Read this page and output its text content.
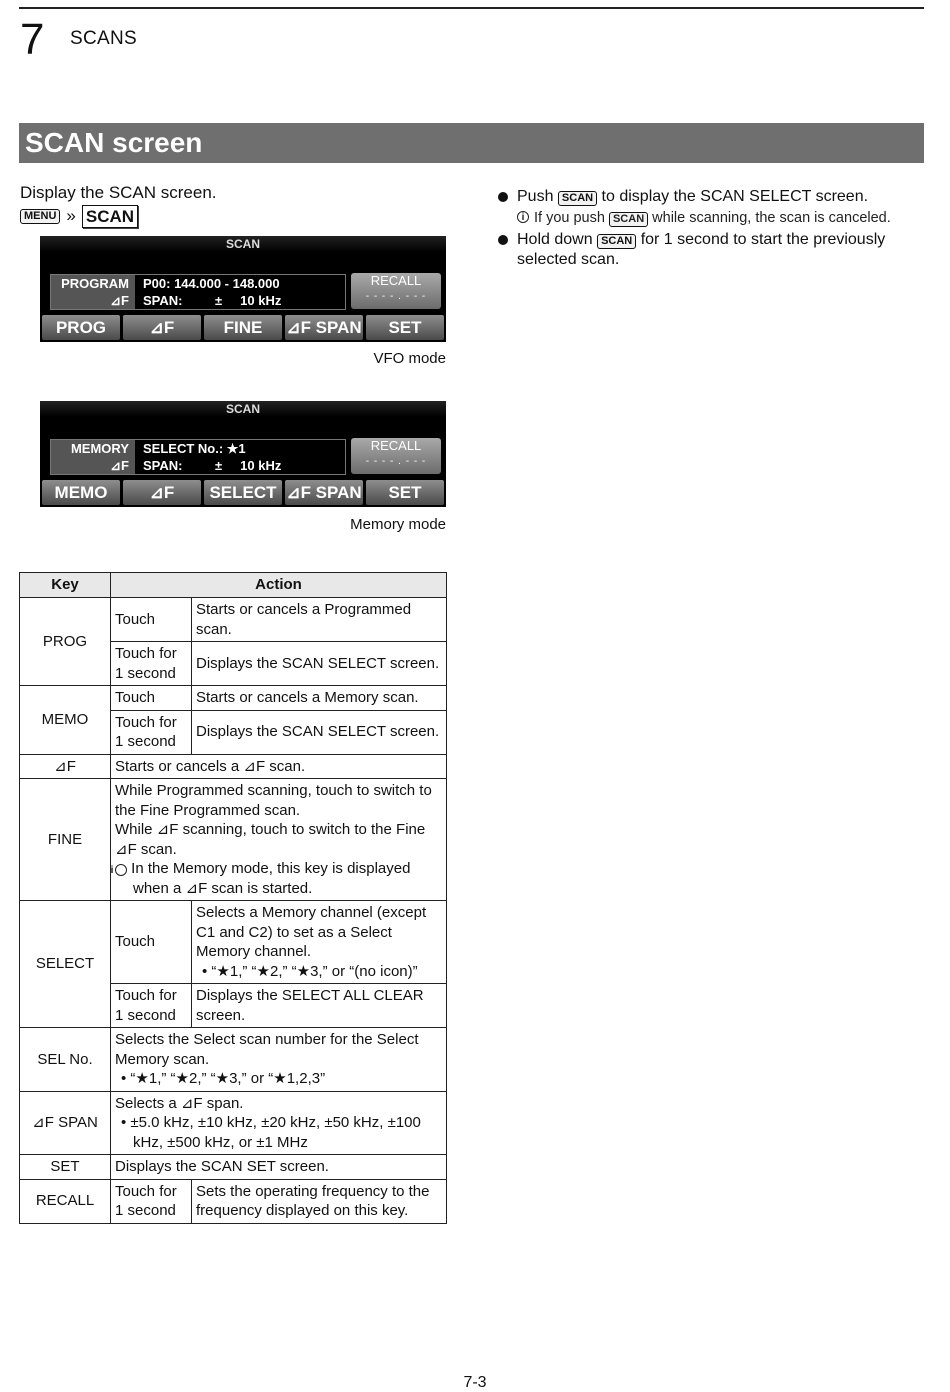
7 SCANS
SCAN screen
Display the SCAN screen.
MENU » SCAN
SCAN
PROGRAM	P00: 144.000 - 148.000
⊿F	SPAN:         ±     10 kHz
RECALL
- - - - . - - -
PROG	⊿F	FINE	⊿F SPAN	SET
VFO mode
SCAN
MEMORY	SELECT No.: ★1
⊿F	SPAN:         ±     10 kHz
RECALL
- - - - . - - -
MEMO	⊿F	SELECT ⊿F SPAN	SET
Memory mode
Push SCAN to display the SCAN SELECT screen.
i If you push SCAN while scanning, the scan is canceled.
Hold down SCAN for 1 second to start the previously selected scan.
Key	Action	
PROG	Touch	Starts or cancels a Programmed scan.
	Touch for 1 second	Displays the SCAN SELECT screen.
MEMO	Touch	Starts or cancels a Memory scan.
	Touch for 1 second	Displays the SCAN SELECT screen.
⊿F	Starts or cancels a ⊿F scan.	
FINE	While Programmed scanning, touch to switch to the Fine Programmed scan.
While ⊿F scanning, touch to switch to the Fine ⊿F scan.
i In the Memory mode, this key is displayed when a ⊿F scan is started.	

SELECT	Touch	Selects a Memory channel (except C1 and C2) to set as a Select Memory channel.
• “★1,” “★2,” “★3,” or “(no icon)”

	Touch for 1 second	Displays the SELECT ALL CLEAR screen.
SEL No.	Selects the Select scan number for the Select Memory scan.
• “★1,” “★2,” “★3,” or “★1,2,3”	

⊿F SPAN	Selects a ⊿F span.
• ±5.0 kHz, ±10 kHz, ±20 kHz, ±50 kHz, ±100 kHz, ±500 kHz, or ±1 MHz	

SET	Displays the SCAN SET screen.	
RECALL	Touch for 1 second	Sets the operating frequency to the frequency displayed on this key.
7-3
